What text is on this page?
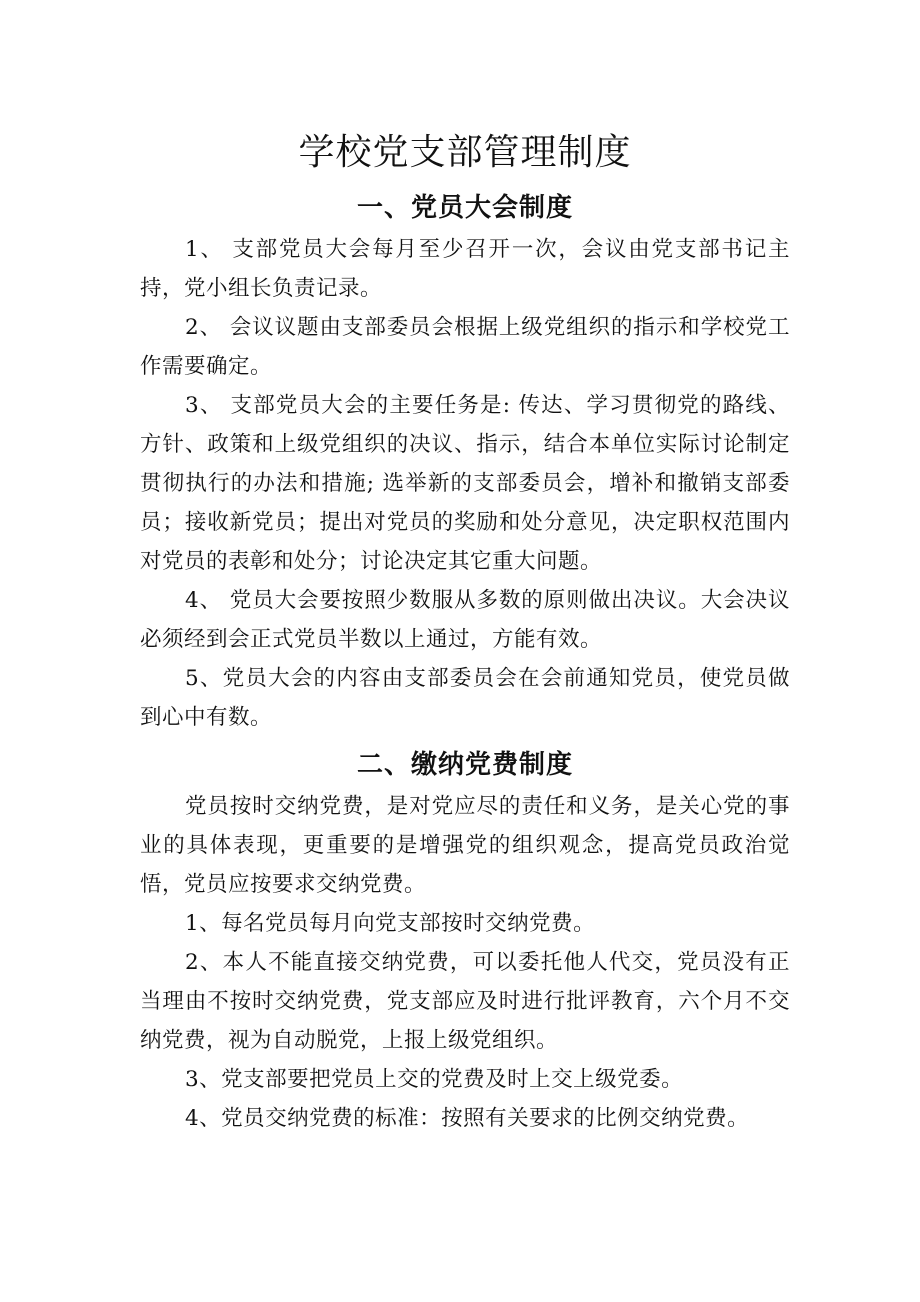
学校党支部管理制度
一、党员大会制度

1、 支部党员大会每月至少召开一次，会议由党支部书记主持，党小组长负责记录。

2、 会议议题由支部委员会根据上级党组织的指示和学校党工作需要确定。

3、 支部党员大会的主要任务是: 传达、学习贯彻党的路线、方针、政策和上级党组织的决议、指示，结合本单位实际讨论制定贯彻执行的办法和措施; 选举新的支部委员会，增补和撤销支部委员；接收新党员；提出对党员的奖励和处分意见，决定职权范围内对党员的表彰和处分；讨论决定其它重大问题。

4、 党员大会要按照少数服从多数的原则做出决议。大会决议必须经到会正式党员半数以上通过，方能有效。

5、党员大会的内容由支部委员会在会前通知党员，使党员做到心中有数。

二、缴纳党费制度

党员按时交纳党费，是对党应尽的责任和义务，是关心党的事业的具体表现，更重要的是增强党的组织观念，提高党员政治觉悟，党员应按要求交纳党费。

1、每名党员每月向党支部按时交纳党费。

2、本人不能直接交纳党费，可以委托他人代交，党员没有正当理由不按时交纳党费，党支部应及时进行批评教育，六个月不交纳党费，视为自动脱党，上报上级党组织。

3、党支部要把党员上交的党费及时上交上级党委。

4、党员交纳党费的标准：按照有关要求的比例交纳党费。
